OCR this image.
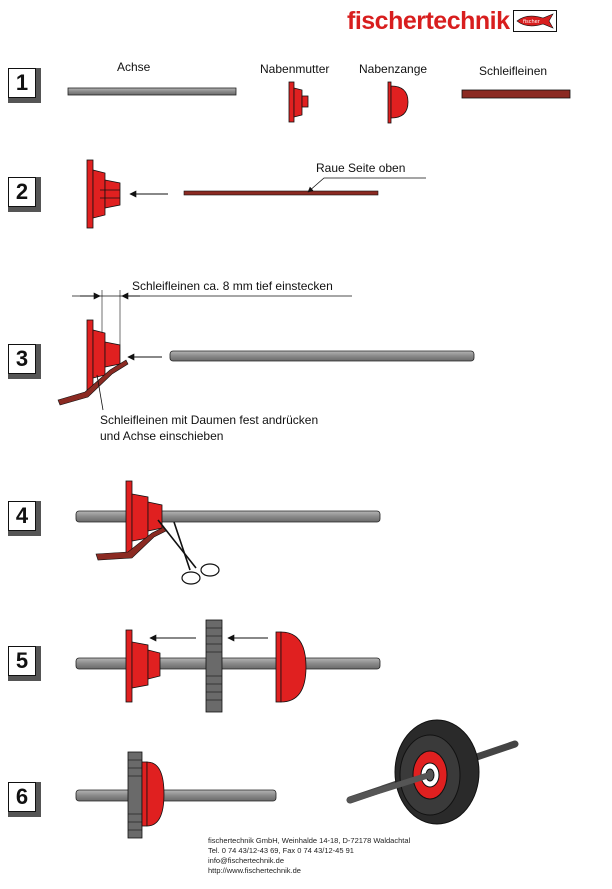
fischer technik	fischer
1
2
3
4
5
6
Achse	Nabenmutter Nabenzange	Schleifleinen
Raue Seite oben
Schleifleinen ca. 8 mm tief einstecken
Schleifleinen mit Daumen fest andrücken
und Achse einschieben
fischertechnik GmbH, Weinhalde 14-18, D-72178 Waldachtal
Tel. 0 74 43/12-43 69, Fax 0 74 43/12-45 91
info@fischertechnik.de
http://www.fischertechnik.de
